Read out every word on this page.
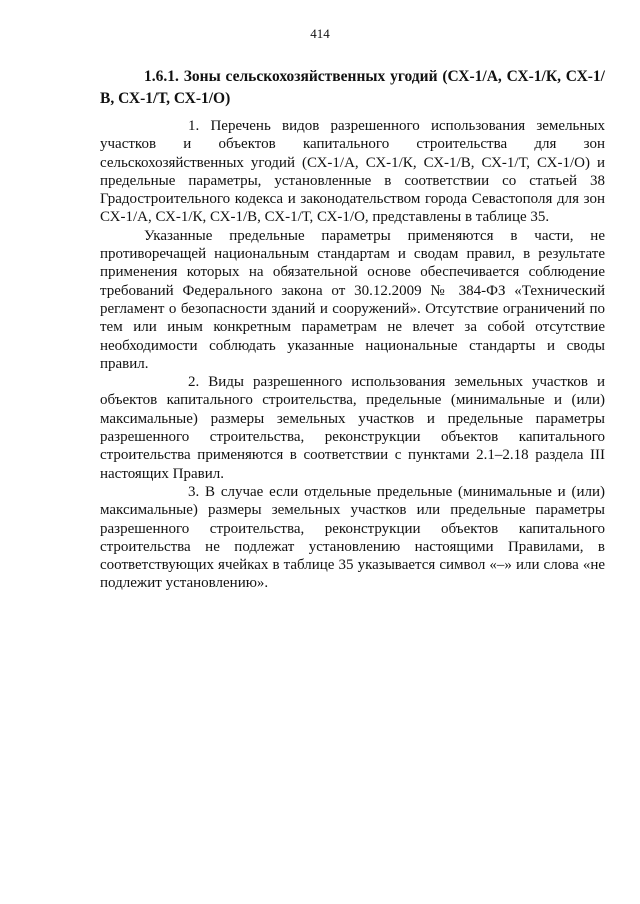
414
1.6.1. Зоны сельскохозяйственных угодий (СХ-1/А, СХ-1/К, СХ-1/В, СХ-1/Т, СХ-1/О)

1. Перечень видов разрешенного использования земельных участков и объектов капитального строительства для зон сельскохозяйственных угодий (СХ-1/А, СХ-1/К, СХ-1/В, СХ-1/Т, СХ-1/О) и предельные параметры, установленные в соответствии со статьей 38 Градостроительного кодекса и законодательством города Севастополя для зон СХ-1/А, СХ-1/К, СХ-1/В, СХ-1/Т, СХ-1/О, представлены в таблице 35.

Указанные предельные параметры применяются в части, не противоречащей национальным стандартам и сводам правил, в результате применения которых на обязательной основе обеспечивается соблюдение требований Федерального закона от 30.12.2009 № 384-ФЗ «Технический регламент о безопасности зданий и сооружений». Отсутствие ограничений по тем или иным конкретным параметрам не влечет за собой отсутствие необходимости соблюдать указанные национальные стандарты и своды правил.

2. Виды разрешенного использования земельных участков и объектов капитального строительства, предельные (минимальные и (или) максимальные) размеры земельных участков и предельные параметры разрешенного строительства, реконструкции объектов капитального строительства применяются в соответствии с пунктами 2.1–2.18 раздела III настоящих Правил.

3. В случае если отдельные предельные (минимальные и (или) максимальные) размеры земельных участков или предельные параметры разрешенного строительства, реконструкции объектов капитального строительства не подлежат установлению настоящими Правилами, в соответствующих ячейках в таблице 35 указывается символ «–» или слова «не подлежит установлению».
